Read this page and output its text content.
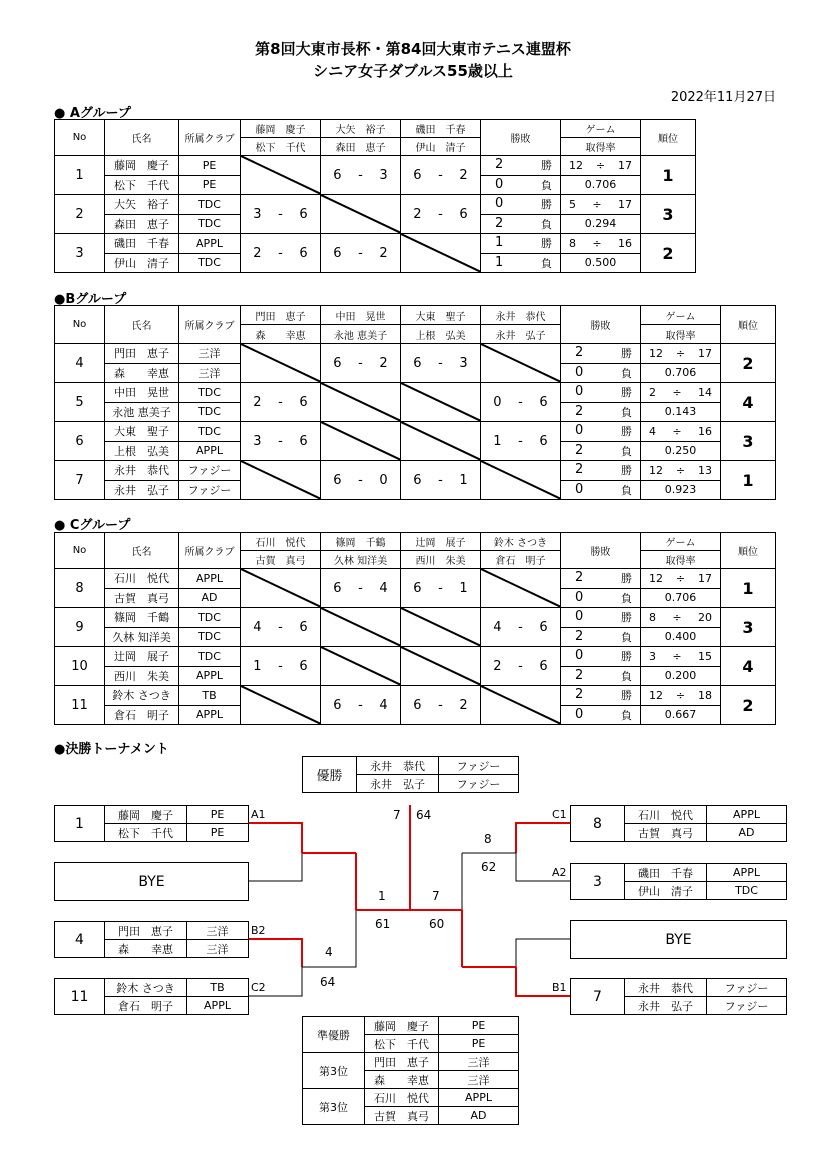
第8回大東市長杯・第84回大東市テニス連盟杯
シニア女子ダブルス55歳以上
2022年11月27日
● Aグループ
●Bグループ
● Cグループ
●決勝トーナメント
No	氏名	所属クラブ	藤岡　慶子	大矢　裕子	磯田　千春	勝敗	ゲーム	順位
			松下　千代	森田　恵子	伊山　清子		取得率	
1	藤岡　慶子	PE		6 - 3	6 - 2	2 勝	12 ÷ 17	1
	松下　千代	PE				0 負	0.706	

2	大矢　裕子	TDC	3 - 6		2 - 6	0 勝	5 ÷ 17	3
	森田　恵子	TDC				2 負	0.294	

3	磯田　千春	APPL	2 - 6	6 - 2		1 勝	8 ÷ 16	2
	伊山　清子	TDC				1 負	0.500	
No	氏名	所属クラブ	門田　恵子	中田　晃世	大東　聖子	永井　恭代	勝敗	ゲーム	順位
			森　　幸恵	永池 恵美子	上根　弘美	永井　弘子		取得率	
4	門田　恵子	三洋		6 - 2	6 - 3		2 勝	12 ÷ 17	2
	森　　幸恵	三洋					0 負	0.706	

5	中田　晃世	TDC	2 - 6			0 - 6	0 勝	2 ÷ 14	4
	永池 恵美子	TDC					2 負	0.143	

6	大東　聖子	TDC	3 - 6			1 - 6	0 勝	4 ÷ 16	3
	上根　弘美	APPL					2 負	0.250	

7	永井　恭代	ファジー		6 - 0	6 - 1		2 勝	12 ÷ 13	1
	永井　弘子	ファジー					0 負	0.923	
No	氏名	所属クラブ	石川　悦代	篠岡　千鶴	辻岡　展子	鈴木 さつき	勝敗	ゲーム	順位
			古賀　真弓	久林 知洋美	西川　朱美	倉石　明子		取得率	
8	石川　悦代	APPL		6 - 4	6 - 1		2 勝	12 ÷ 17	1
	古賀　真弓	AD					0 負	0.706	

9	篠岡　千鶴	TDC	4 - 6			4 - 6	0 勝	8 ÷ 20	3
	久林 知洋美	TDC					2 負	0.400	

10	辻岡　展子	TDC	1 - 6			2 - 6	0 勝	3 ÷ 15	4
	西川　朱美	APPL					2 負	0.200	

11	鈴木 さつき	TB		6 - 4	6 - 2		2 勝	12 ÷ 18	2
	倉石　明子	APPL					0 負	0.667	
優勝	永井　恭代	ファジー
	永井　弘子	ファジー
1	藤岡　慶子	PE
	松下　千代	PE
BYE
4	門田　恵子	三洋
	森　　幸恵	三洋
11	鈴木 さつき	TB
	倉石　明子	APPL
8	石川　悦代	APPL
	古賀　真弓	AD
3	磯田　千春	APPL
	伊山　清子	TDC
BYE
7	永井　恭代	ファジー
	永井　弘子	ファジー
A1
B2
C2
C1
A2
B1
7 64
8
62
1	7
61	60
4
64
準優勝	藤岡　慶子	PE
	松下　千代	PE
第3位	門田　恵子	三洋
	森　　幸恵	三洋
第3位	石川　悦代	APPL
	古賀　真弓	AD
